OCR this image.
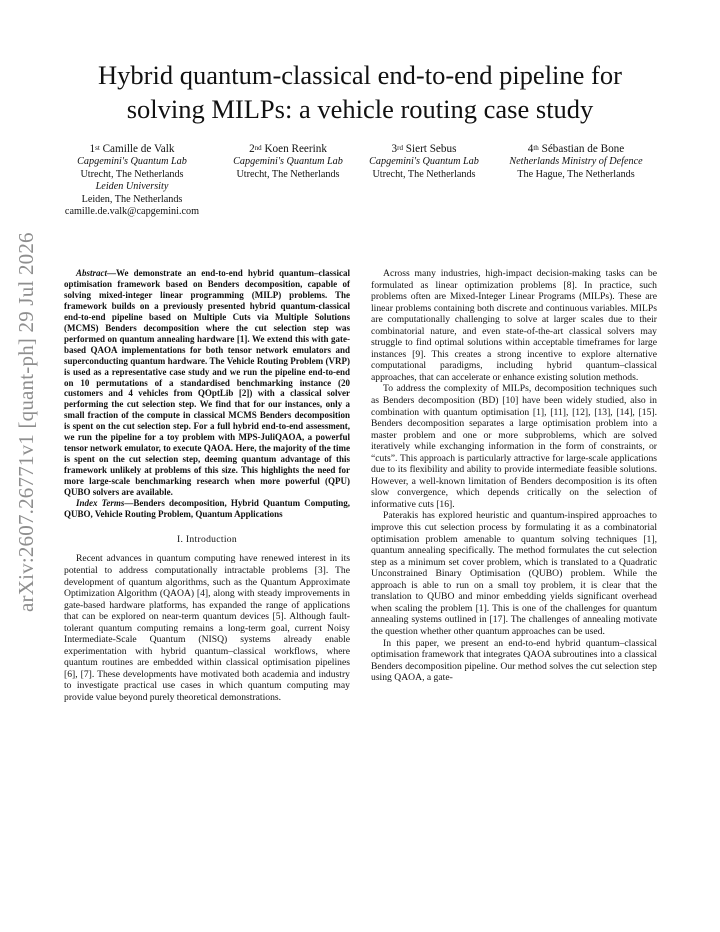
arXiv:2607.26771v1 [quant-ph] 29 Jul 2026
Hybrid quantum-classical end-to-end pipeline for
solving MILPs: a vehicle routing case study
1st Camille de Valk
Capgemini's Quantum Lab
Utrecht, The Netherlands
Leiden University
Leiden, The Netherlands
camille.de.valk@capgemini.com
2nd Koen Reerink
Capgemini's Quantum Lab
Utrecht, The Netherlands
3rd Siert Sebus
Capgemini's Quantum Lab
Utrecht, The Netherlands
4th Sébastian de Bone
Netherlands Ministry of Defence
The Hague, The Netherlands

Abstract—We demonstrate an end-to-end hybrid quantum–classical optimisation framework based on Benders decomposition, capable of solving mixed-integer linear programming (MILP) problems. The framework builds on a previously presented hybrid quantum-classical end-to-end pipeline based on Multiple Cuts via Multiple Solutions (MCMS) Benders decomposition where the cut selection step was performed on quantum annealing hardware [1]. We extend this with gate-based QAOA implementations for both tensor network emulators and superconducting quantum hardware. The Vehicle Routing Problem (VRP) is used as a representative case study and we run the pipeline end-to-end on 10 permutations of a standardised benchmarking instance (20 customers and 4 vehicles from QOptLib [2]) with a classical solver performing the cut selection step. We find that for our instances, only a small fraction of the compute in classical MCMS Benders decomposition is spent on the cut selection step. For a full hybrid end-to-end assessment, we run the pipeline for a toy problem with MPS-JuliQAOA, a powerful tensor network emulator, to execute QAOA. Here, the majority of the time is spent on the cut selection step, deeming quantum advantage of this framework unlikely at problems of this size. This highlights the need for more large-scale benchmarking research when more powerful (QPU) QUBO solvers are available.

Index Terms—Benders decomposition, Hybrid Quantum Computing, QUBO, Vehicle Routing Problem, Quantum Applications

I. Introduction

Recent advances in quantum computing have renewed interest in its potential to address computationally intractable problems [3]. The development of quantum algorithms, such as the Quantum Approximate Optimization Algorithm (QAOA) [4], along with steady improvements in gate-based hardware platforms, has expanded the range of applications that can be explored on near-term quantum devices [5]. Although fault-tolerant quantum computing remains a long-term goal, current Noisy Intermediate-Scale Quantum (NISQ) systems already enable experimentation with hybrid quantum–classical workflows, where quantum routines are embedded within classical optimisation pipelines [6], [7]. These developments have motivated both academia and industry to investigate practical use cases in which quantum computing may provide value beyond purely theoretical demonstrations.

Across many industries, high-impact decision-making tasks can be formulated as linear optimization problems [8]. In practice, such problems often are Mixed-Integer Linear Programs (MILPs). These are linear problems containing both discrete and continuous variables. MILPs are computationally challenging to solve at larger scales due to their combinatorial nature, and even state-of-the-art classical solvers may struggle to find optimal solutions within acceptable timeframes for large instances [9]. This creates a strong incentive to explore alternative computational paradigms, including hybrid quantum–classical approaches, that can accelerate or enhance existing solution methods.

To address the complexity of MILPs, decomposition techniques such as Benders decomposition (BD) [10] have been widely studied, also in combination with quantum optimisation [1], [11], [12], [13], [14], [15]. Benders decomposition separates a large optimisation problem into a master problem and one or more subproblems, which are solved iteratively while exchanging information in the form of constraints, or “cuts”. This approach is particularly attractive for large-scale applications due to its flexibility and ability to provide intermediate feasible solutions. However, a well-known limitation of Benders decomposition is its often slow convergence, which depends critically on the selection of informative cuts [16].

Paterakis has explored heuristic and quantum-inspired approaches to improve this cut selection process by formulating it as a combinatorial optimisation problem amenable to quantum solving techniques [1], quantum annealing specifically. The method formulates the cut selection step as a minimum set cover problem, which is translated to a Quadratic Unconstrained Binary Optimisation (QUBO) problem. While the approach is able to run on a small toy problem, it is clear that the translation to QUBO and minor embedding yields significant overhead when scaling the problem [1]. This is one of the challenges for quantum annealing systems outlined in [17]. The challenges of annealing motivate the question whether other quantum approaches can be used.

In this paper, we present an end-to-end hybrid quantum–classical optimisation framework that integrates QAOA subroutines into a classical Benders decomposition pipeline. Our method solves the cut selection step using QAOA, a gate-
